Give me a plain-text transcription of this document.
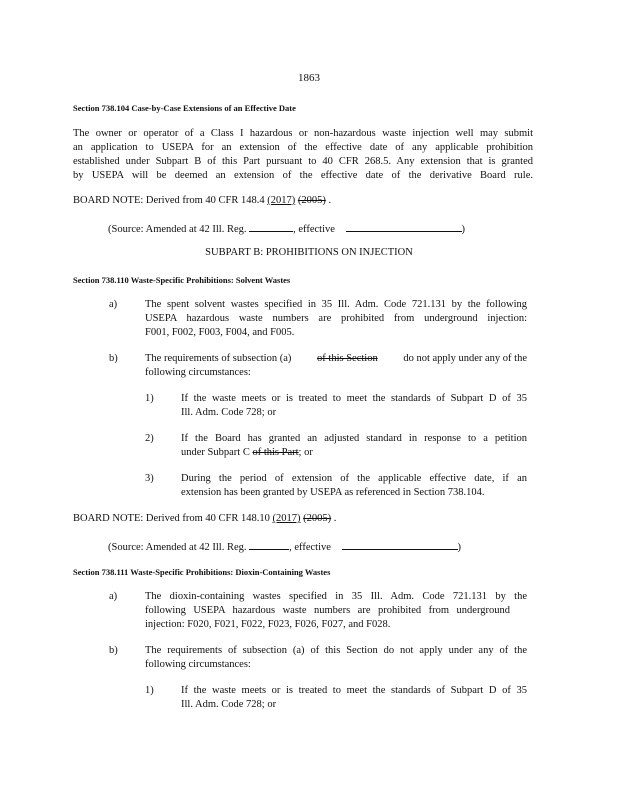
1863
Section 738.104 Case-by-Case Extensions of an Effective Date
The owner or operator of a Class I hazardous or non-hazardous waste injection well may submit
an application to USEPA for an extension of the effective date of any applicable prohibition
established under Subpart B of this Part pursuant to 40 CFR 268.5. Any extension that is granted
by USEPA will be deemed an extension of the effective date of the derivative Board rule.
BOARD NOTE: Derived from 40 CFR 148.4 (2017) (2005) .
(Source: Amended at 42 Ill. Reg.	, effective	)
SUBPART B: PROHIBITIONS ON INJECTION
Section 738.110 Waste-Specific Prohibitions: Solvent Wastes
a)	The spent solvent wastes specified in 35 Ill. Adm. Code 721.131 by the following
USEPA hazardous waste numbers are prohibited from underground injection:
F001, F002, F003, F004, and F005.
b)	The requirements of subsection (a) of this Section do not apply under any of the
following circumstances:
1)	If the waste meets or is treated to meet the standards of Subpart D of 35
Ill. Adm. Code 728; or
2)	If the Board has granted an adjusted standard in response to a petition
under Subpart C of this Part; or
3)	During the period of extension of the applicable effective date, if an
extension has been granted by USEPA as referenced in Section 738.104.
BOARD NOTE: Derived from 40 CFR 148.10 (2017) (2005) .
(Source: Amended at 42 Ill. Reg.	, effective	)
Section 738.111 Waste-Specific Prohibitions: Dioxin-Containing Wastes
a)	The dioxin-containing wastes specified in 35 Ill. Adm. Code 721.131 by the
following USEPA hazardous waste numbers are prohibited from underground
injection: F020, F021, F022, F023, F026, F027, and F028.
b)	The requirements of subsection (a) of this Section do not apply under any of the
following circumstances:
1)	If the waste meets or is treated to meet the standards of Subpart D of 35
Ill. Adm. Code 728; or
